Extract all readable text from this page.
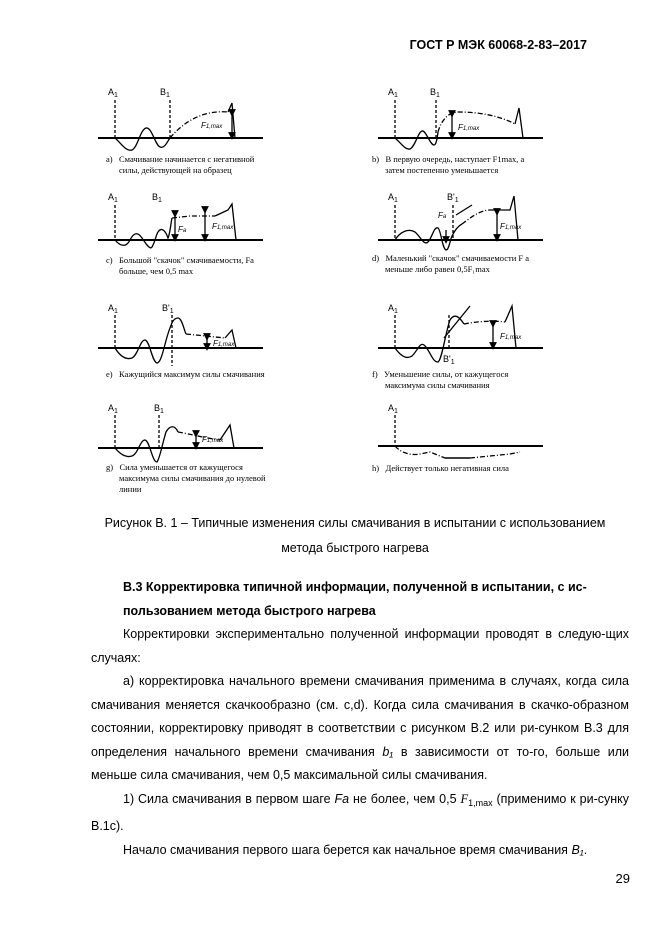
ГОСТ Р МЭК 60068-2-83–2017
$A_1$	$B_1$
F1,max
$A_1$	$B_1$
F1,max
$A_1$	$B_1$
Fa	F1,max
$A_1$	$B'_1$
Fa
F1,max
$A_1$	$B'_1$
F1,max
$A_1$
F1,max
$B'_1$
$A_1$	$B_1$
F1,max
$A_1$
a)   Смачивание начинается с негативной
силы, действующей на образец
b)   В первую очередь, наступает F1max, а
затем постепенно уменьшается
c)   Большой "скачок" смачиваемости, Fa
больше, чем 0,5 max
d)   Маленький "скачок" смачиваемости F a
меньше либо равен 0,5F₁max
e)   Кажущийся максимум силы смачивания	f)   Уменьшение силы, от кажущегося
максимума силы смачивания
g)   Сила уменьшается от кажущегося
максимума силы смачивания до нулевой
линии
h)   Действует только негативная сила
Рисунок В. 1 – Типичные изменения силы смачивания в испытании с использованием
метода быстрого нагрева

В.3 Корректировка типичной информации, полученной в испытании, с ис-
пользованием метода быстрого нагрева

Корректировки экспериментально полученной информации проводят в следую-щих случаях:

а) корректировка начального времени смачивания применима в случаях, когда сила смачивания меняется скачкообразно (см. с,d). Когда сила смачивания в скачко-образном состоянии, корректировку приводят в соответствии с рисунком В.2 или ри-сунком В.3 для определения начального времени смачивания b₁ в зависимости от то-го, больше или меньше сила смачивания, чем 0,5 максимальной силы смачивания.

1) Сила смачивания в первом шаге Fa не более, чем 0,5 $F_{1,max}$ (применимо к ри-сунку В.1с).

Начало смачивания первого шага берется как начальное время смачивания B₁.

29
